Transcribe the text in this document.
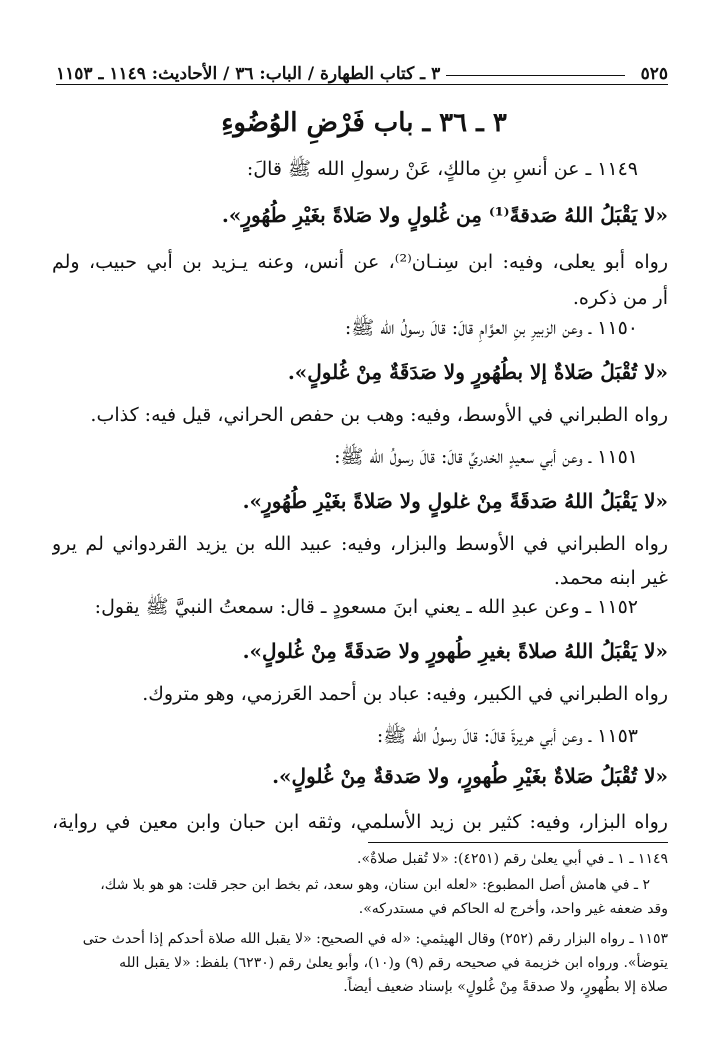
٥٢٥
٣ ـ كتاب الطهارة / الباب: ٣٦ / الأحاديث: ١١٤٩ ـ ١١٥٣
٣ ـ ٣٦ ـ باب فَرْضِ الوُضُوءِ
١١٤٩ ـ عن أنسِ بنِ مالكٍ، عَنْ رسولِ الله ﷺ قالَ:
«لا يَقْبَلُ اللهُ صَدقةً⁽¹⁾ مِن غُلولٍ ولا صَلاةً بغَيْرِ طُهُورٍ».
رواه أبو يعلى، وفيه: ابن سِنـان⁽²⁾، عن أنس، وعنه يـزيد بن أبي حبيب، ولم
أر من ذكره.
١١٥٠ ـ وعن الزبيرِ بنِ العوَّامِ قالَ: قالَ رسولُ الله ﷺ:
«لا تُقْبَلُ صَلاةٌ إلا بطُهُورٍ ولا صَدَقَةٌ مِنْ غُلولٍ».
رواه الطبراني في الأوسط، وفيه: وهب بن حفص الحراني، قيل فيه: كذاب.
١١٥١ ـ وعن أبي سعيدٍ الخدريِّ قالَ: قالَ رسولُ الله ﷺ:
«لا يَقْبَلُ اللهُ صَدقَةً مِنْ غلولٍ ولا صَلاةً بغَيْرِ طُهُورٍ».
رواه الطبراني في الأوسط والبزار، وفيه: عبيد الله بن يزيد القردواني لم يرو
غير ابنه محمد.
١١٥٢ ـ وعن عبدِ الله ـ يعني ابنَ مسعودٍ ـ قال: سمعتُ النبيَّ ﷺ يقول:
«لا يَقْبَلُ اللهُ صلاةً بغيرِ طُهورٍ ولا صَدقَةً مِنْ غُلولٍ».
رواه الطبراني في الكبير، وفيه: عباد بن أحمد العَرزمي، وهو متروك.
١١٥٣ ـ وعن أبي هريرةَ قالَ: قالَ رسولُ الله ﷺ:
«لا تُقْبَلُ صَلاةٌ بغَيْرِ طُهورٍ، ولا صَدقةٌ مِنْ غُلولٍ».
رواه البزار، وفيه: كثير بن زيد الأسلمي، وثقه ابن حبان وابن معين في رواية،
١١٤٩ ـ ١ ـ في أبي يعلىٰ رقم (٤٢٥١): «لا تُقبل صلاةٌ».
٢ ـ في هامش أصل المطبوع: «لعله ابن سنان، وهو سعد، ثم بخط ابن حجر قلت: هو هو بلا شك،
وقد ضعفه غير واحد، وأخرج له الحاكم في مستدركه».
١١٥٣ ـ رواه البزار رقم (٢٥٢) وقال الهيثمي: «له في الصحيح: «لا يقبل الله صلاة أحدكم إذا أحدث حتى
يتوضأ». ورواه ابن خزيمة في صحيحه رقم (٩) و(١٠)، وأبو يعلىٰ رقم (٦٢٣٠) بلفظ: «لا يقبل الله
صلاة إلا بطُهورٍ، ولا صدقةً مِنْ غُلولٍ» بإسناد ضعيف أيضاً.
